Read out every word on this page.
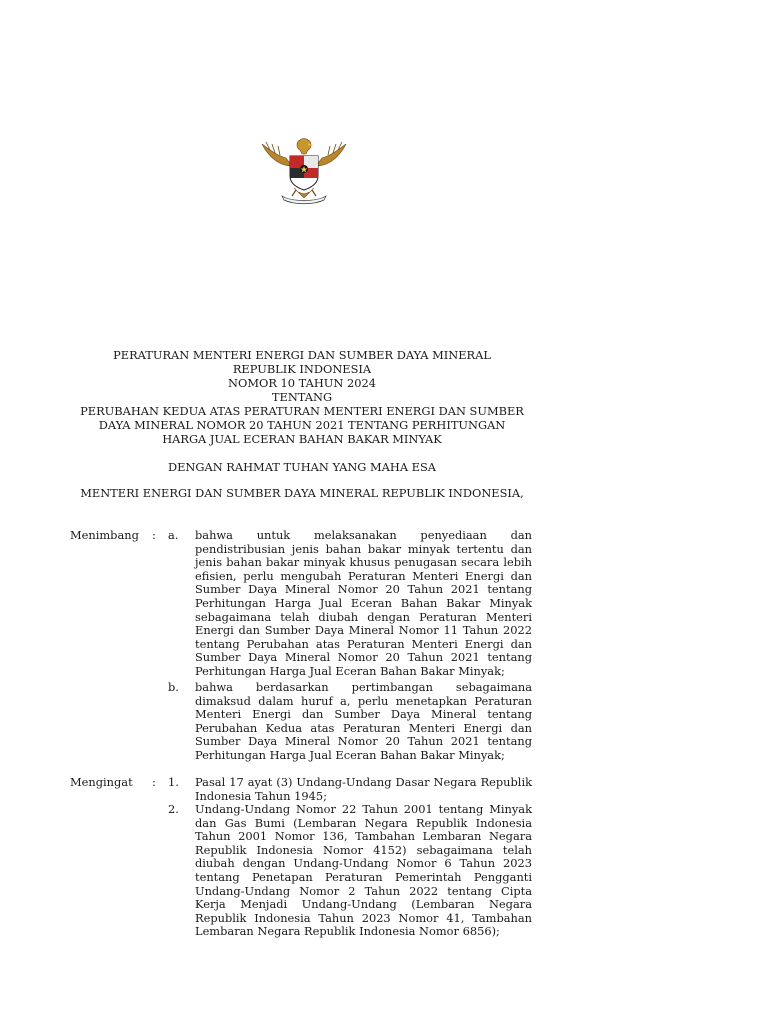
PERATURAN MENTERI ENERGI DAN SUMBER DAYA MINERAL
REPUBLIK INDONESIA
NOMOR 10 TAHUN 2024
TENTANG
PERUBAHAN KEDUA ATAS PERATURAN MENTERI ENERGI DAN SUMBER
DAYA MINERAL NOMOR 20 TAHUN 2021 TENTANG PERHITUNGAN
HARGA JUAL ECERAN BAHAN BAKAR MINYAK
DENGAN RAHMAT TUHAN YANG MAHA ESA
MENTERI ENERGI DAN SUMBER DAYA MINERAL REPUBLIK INDONESIA,
Menimbang : a. bahwa untuk melaksanakan penyediaan dan pendistribusian jenis bahan bakar minyak tertentu dan jenis bahan bakar minyak khusus penugasan secara lebih efisien, perlu mengubah Peraturan Menteri Energi dan Sumber Daya Mineral Nomor 20 Tahun 2021 tentang Perhitungan Harga Jual Eceran Bahan Bakar Minyak sebagaimana telah diubah dengan Peraturan Menteri Energi dan Sumber Daya Mineral Nomor 11 Tahun 2022 tentang Perubahan atas Peraturan Menteri Energi dan Sumber Daya Mineral Nomor 20 Tahun 2021 tentang Perhitungan Harga Jual Eceran Bahan Bakar Minyak;
b. bahwa berdasarkan pertimbangan sebagaimana dimaksud dalam huruf a, perlu menetapkan Peraturan Menteri Energi dan Sumber Daya Mineral tentang Perubahan Kedua atas Peraturan Menteri Energi dan Sumber Daya Mineral Nomor 20 Tahun 2021 tentang Perhitungan Harga Jual Eceran Bahan Bakar Minyak;
Mengingat : 1. Pasal 17 ayat (3) Undang-Undang Dasar Negara Republik Indonesia Tahun 1945;
2. Undang-Undang Nomor 22 Tahun 2001 tentang Minyak dan Gas Bumi (Lembaran Negara Republik Indonesia Tahun 2001 Nomor 136, Tambahan Lembaran Negara Republik Indonesia Nomor 4152) sebagaimana telah diubah dengan Undang-Undang Nomor 6 Tahun 2023 tentang Penetapan Peraturan Pemerintah Pengganti Undang-Undang Nomor 2 Tahun 2022 tentang Cipta Kerja Menjadi Undang-Undang (Lembaran Negara Republik Indonesia Tahun 2023 Nomor 41, Tambahan Lembaran Negara Republik Indonesia Nomor 6856);
